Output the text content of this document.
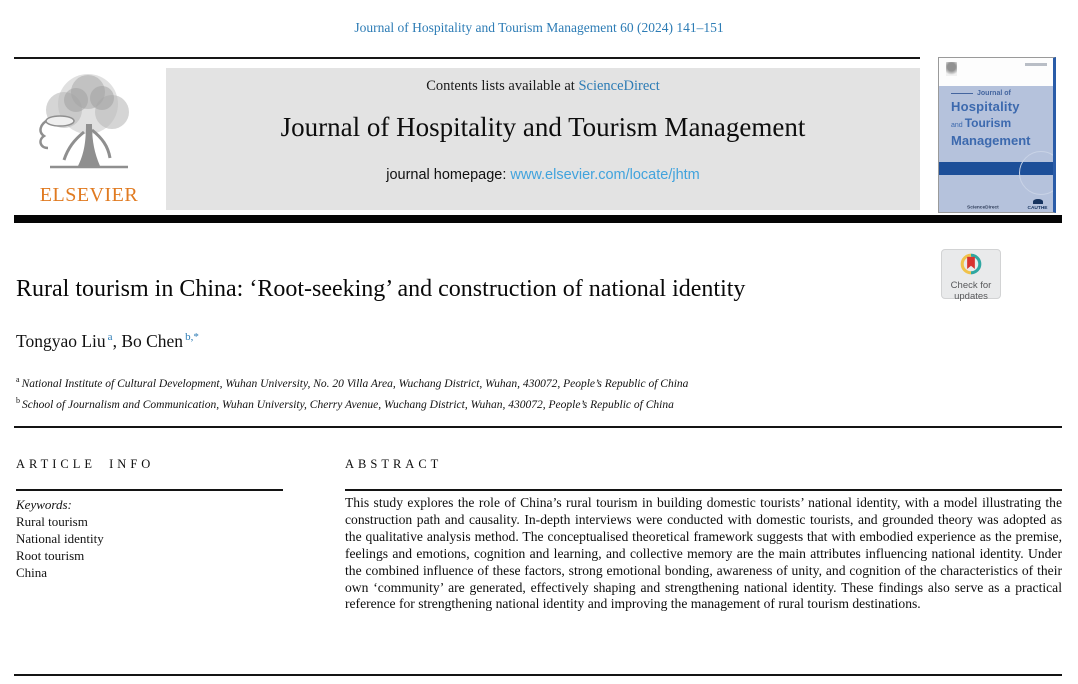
Journal of Hospitality and Tourism Management 60 (2024) 141–151
ELSEVIER
Contents lists available at ScienceDirect
Journal of Hospitality and Tourism Management
journal homepage: www.elsevier.com/locate/jhtm
Journal of
Hospitality
and Tourism
Management
ScienceDirect	CAUTHE
Rural tourism in China: ‘Root-seeking’ and construction of national identity	Check for
updates
Tongyao Liu $^a$, Bo Chen $^{b,*}$
$^a$ National Institute of Cultural Development, Wuhan University, No. 20 Villa Area, Wuchang District, Wuhan, 430072, People’s Republic of China
$^b$ School of Journalism and Communication, Wuhan University, Cherry Avenue, Wuchang District, Wuhan, 430072, People’s Republic of China
ARTICLE INFO	ABSTRACT
Keywords:
Rural tourism
National identity
Root tourism
China
This study explores the role of China’s rural tourism in building domestic tourists’ national identity, with a model illustrating the construction path and causality. In-depth interviews were conducted with domestic tourists, and grounded theory was adopted as the qualitative analysis method. The conceptualised theoretical framework suggests that with embodied experience as the premise, feelings and emotions, cognition and learning, and collective memory are the main attributes influencing national identity. Under the combined influence of these factors, strong emotional bonding, awareness of unity, and cognition of the characteristics of their own ‘community’ are generated, effectively shaping and strengthening national identity. These findings also serve as a practical reference for strengthening national identity and improving the management of rural tourism destinations.
